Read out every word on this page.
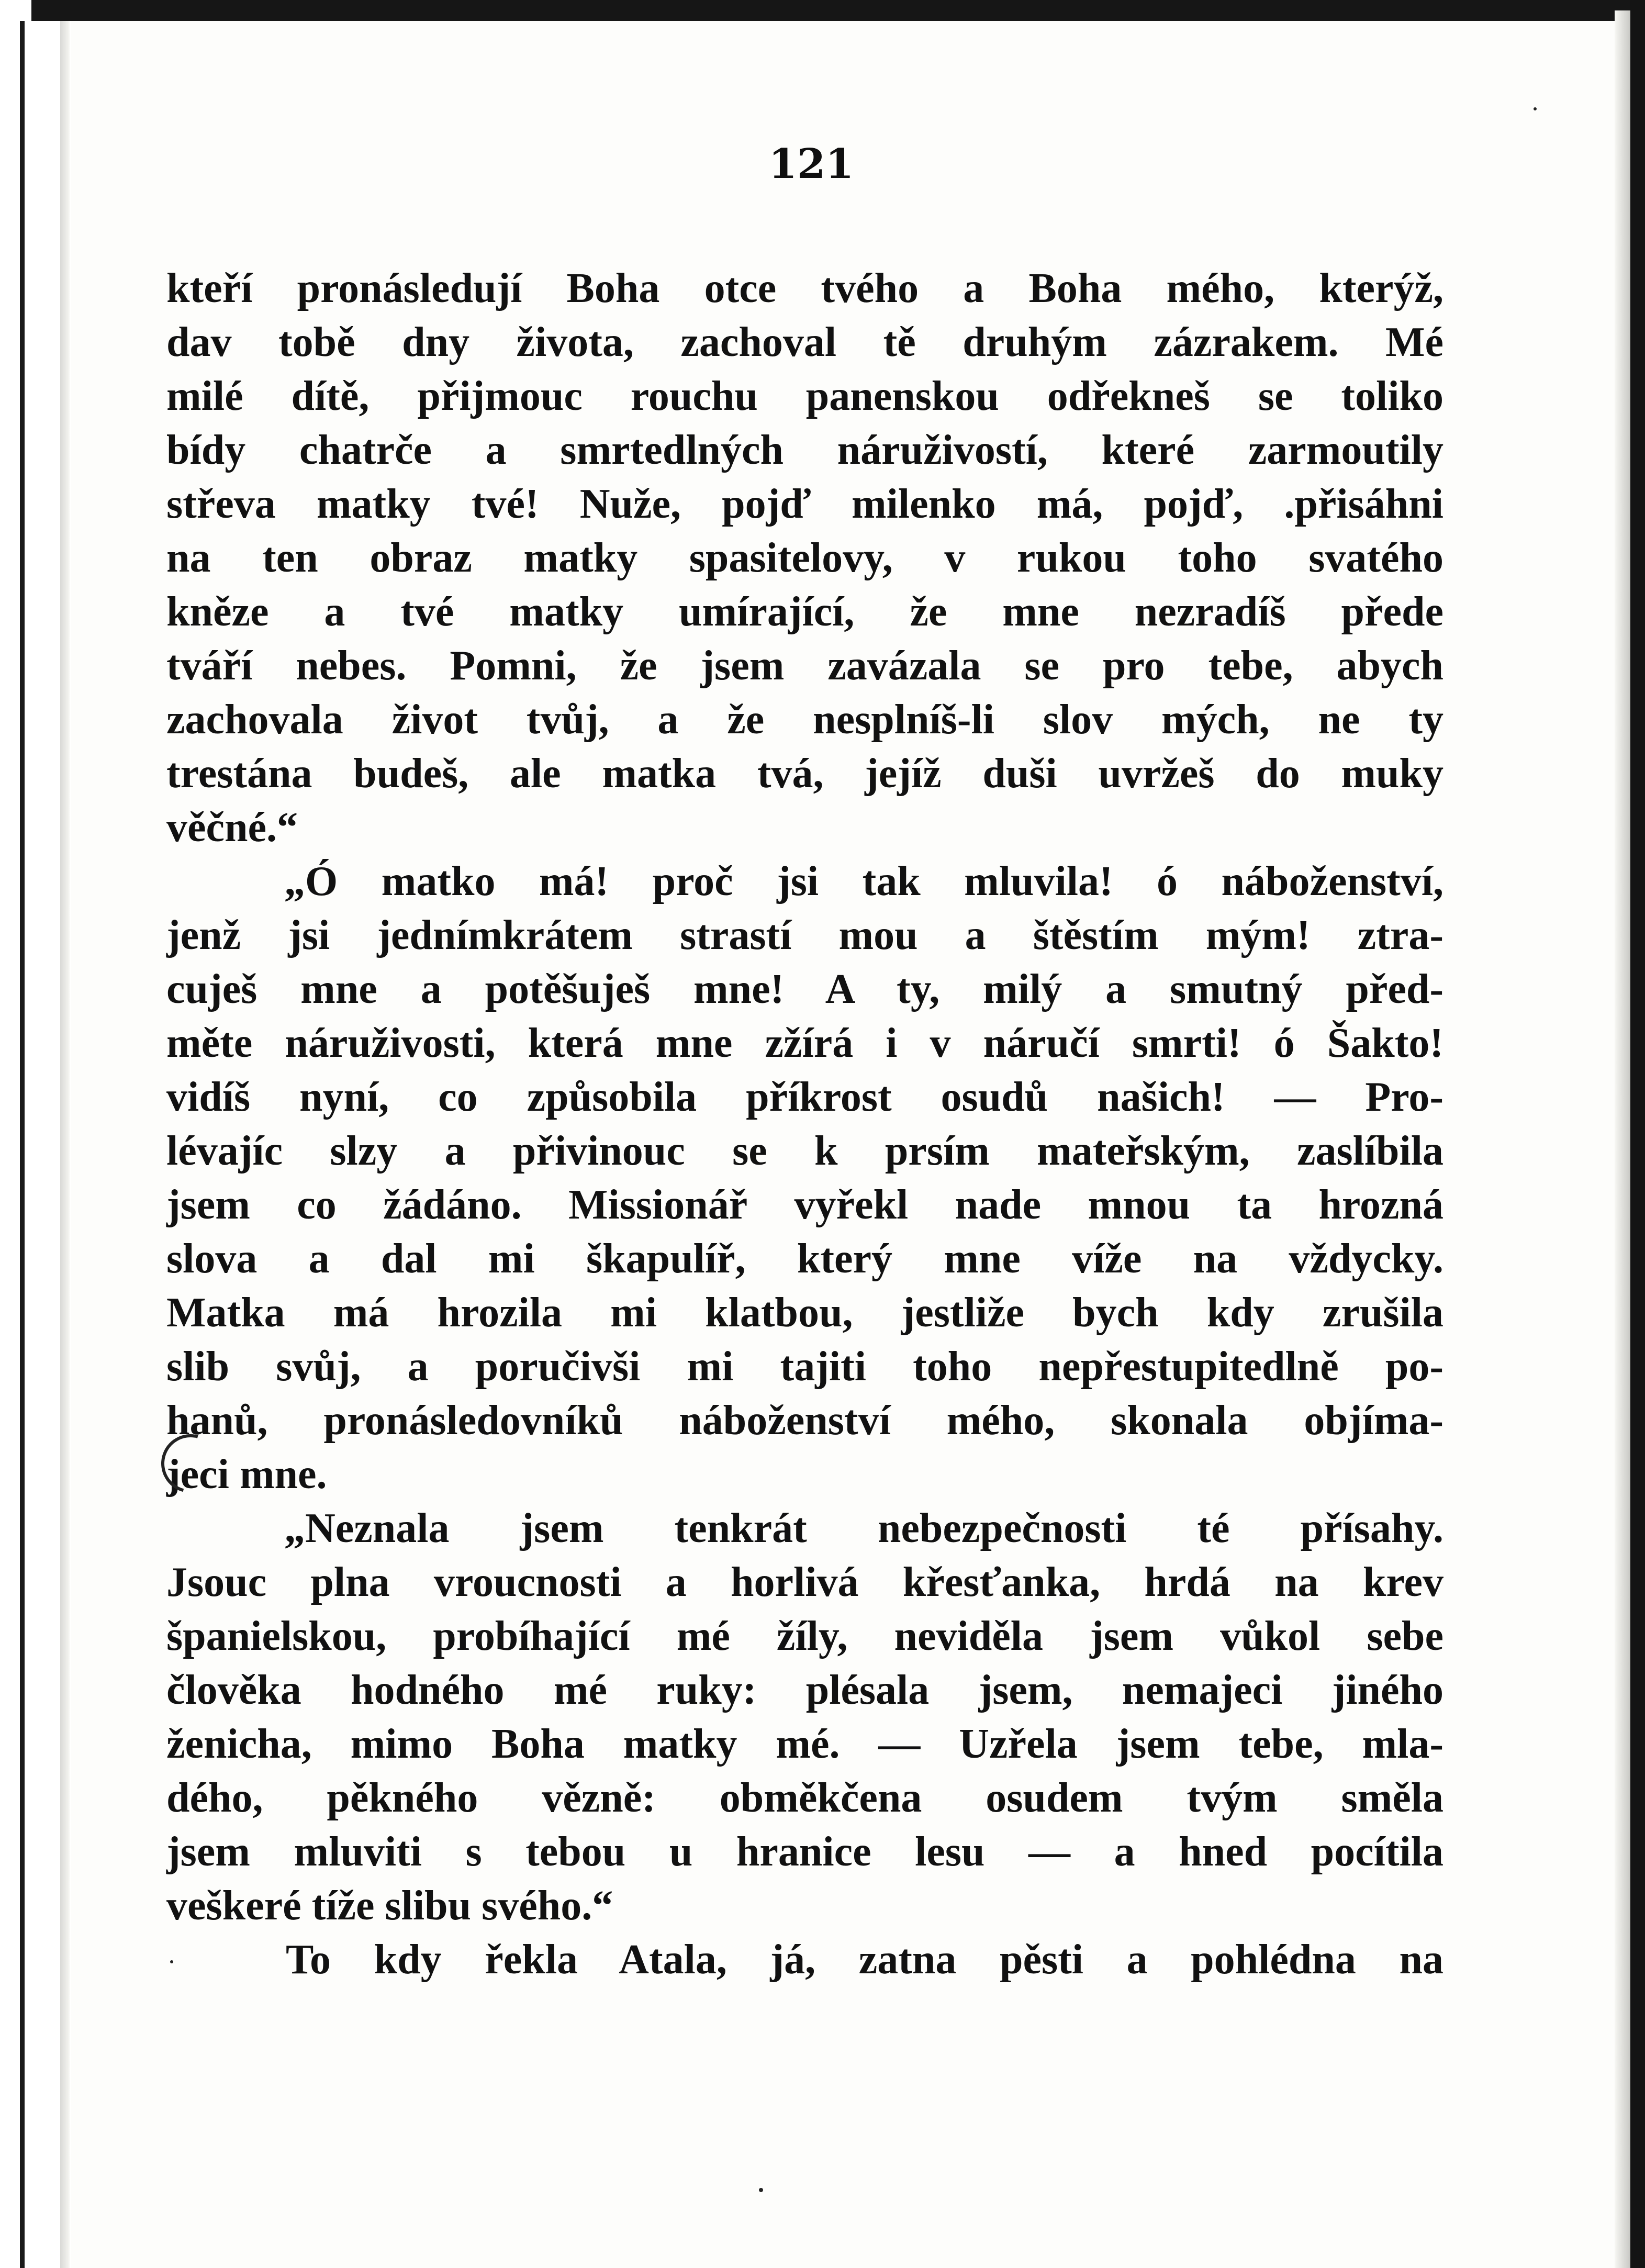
121
kteří pronásledují Boha otce tvého a Boha mého, kterýž,
dav tobě dny života, zachoval tě druhým zázrakem. Mé
milé dítě, přijmouc rouchu panenskou odřekneš se toliko
bídy chatrče a smrtedlných náruživostí, které zarmoutily
střeva matky tvé! Nuže, pojď milenko má, pojď, .přisáhni
na ten obraz matky spasitelovy, v rukou toho svatého
kněze a tvé matky umírající, že mne nezradíš přede
tváří nebes. Pomni, že jsem zavázala se pro tebe, abych
zachovala život tvůj, a že nesplníš-li slov mých, ne ty
trestána budeš, ale matka tvá, jejíž duši uvržeš do muky
věčné.“
„Ó matko má! proč jsi tak mluvila! ó náboženství,
jenž jsi jednímkrátem strastí mou a štěstím mým! ztra-
cuješ mne a potěšuješ mne! A ty, milý a smutný před-
měte náruživosti, která mne zžírá i v náručí smrti! ó Šakto!
vidíš nyní, co způsobila příkrost osudů našich! — Pro-
lévajíc slzy a přivinouc se k prsím mateřským, zaslíbila
jsem co žádáno. Missionář vyřekl nade mnou ta hrozná
slova a dal mi škapulíř, který mne víže na vždycky.
Matka má hrozila mi klatbou, jestliže bych kdy zrušila
slib svůj, a poručivši mi tajiti toho nepřestupitedlně po-
hanů, pronásledovníků náboženství mého, skonala objíma-
jeci mne.
„Neznala jsem tenkrát nebezpečnosti té přísahy.
Jsouc plna vroucnosti a horlivá křesťanka, hrdá na krev
španielskou, probíhající mé žíly, neviděla jsem vůkol sebe
člověka hodného mé ruky: plésala jsem, nemajeci jiného
ženicha, mimo Boha matky mé. — Uzřela jsem tebe, mla-
dého, pěkného vězně: obměkčena osudem tvým směla
jsem mluviti s tebou u hranice lesu — a hned pocítila
veškeré tíže slibu svého.“
To kdy řekla Atala, já, zatna pěsti a pohlédna na
